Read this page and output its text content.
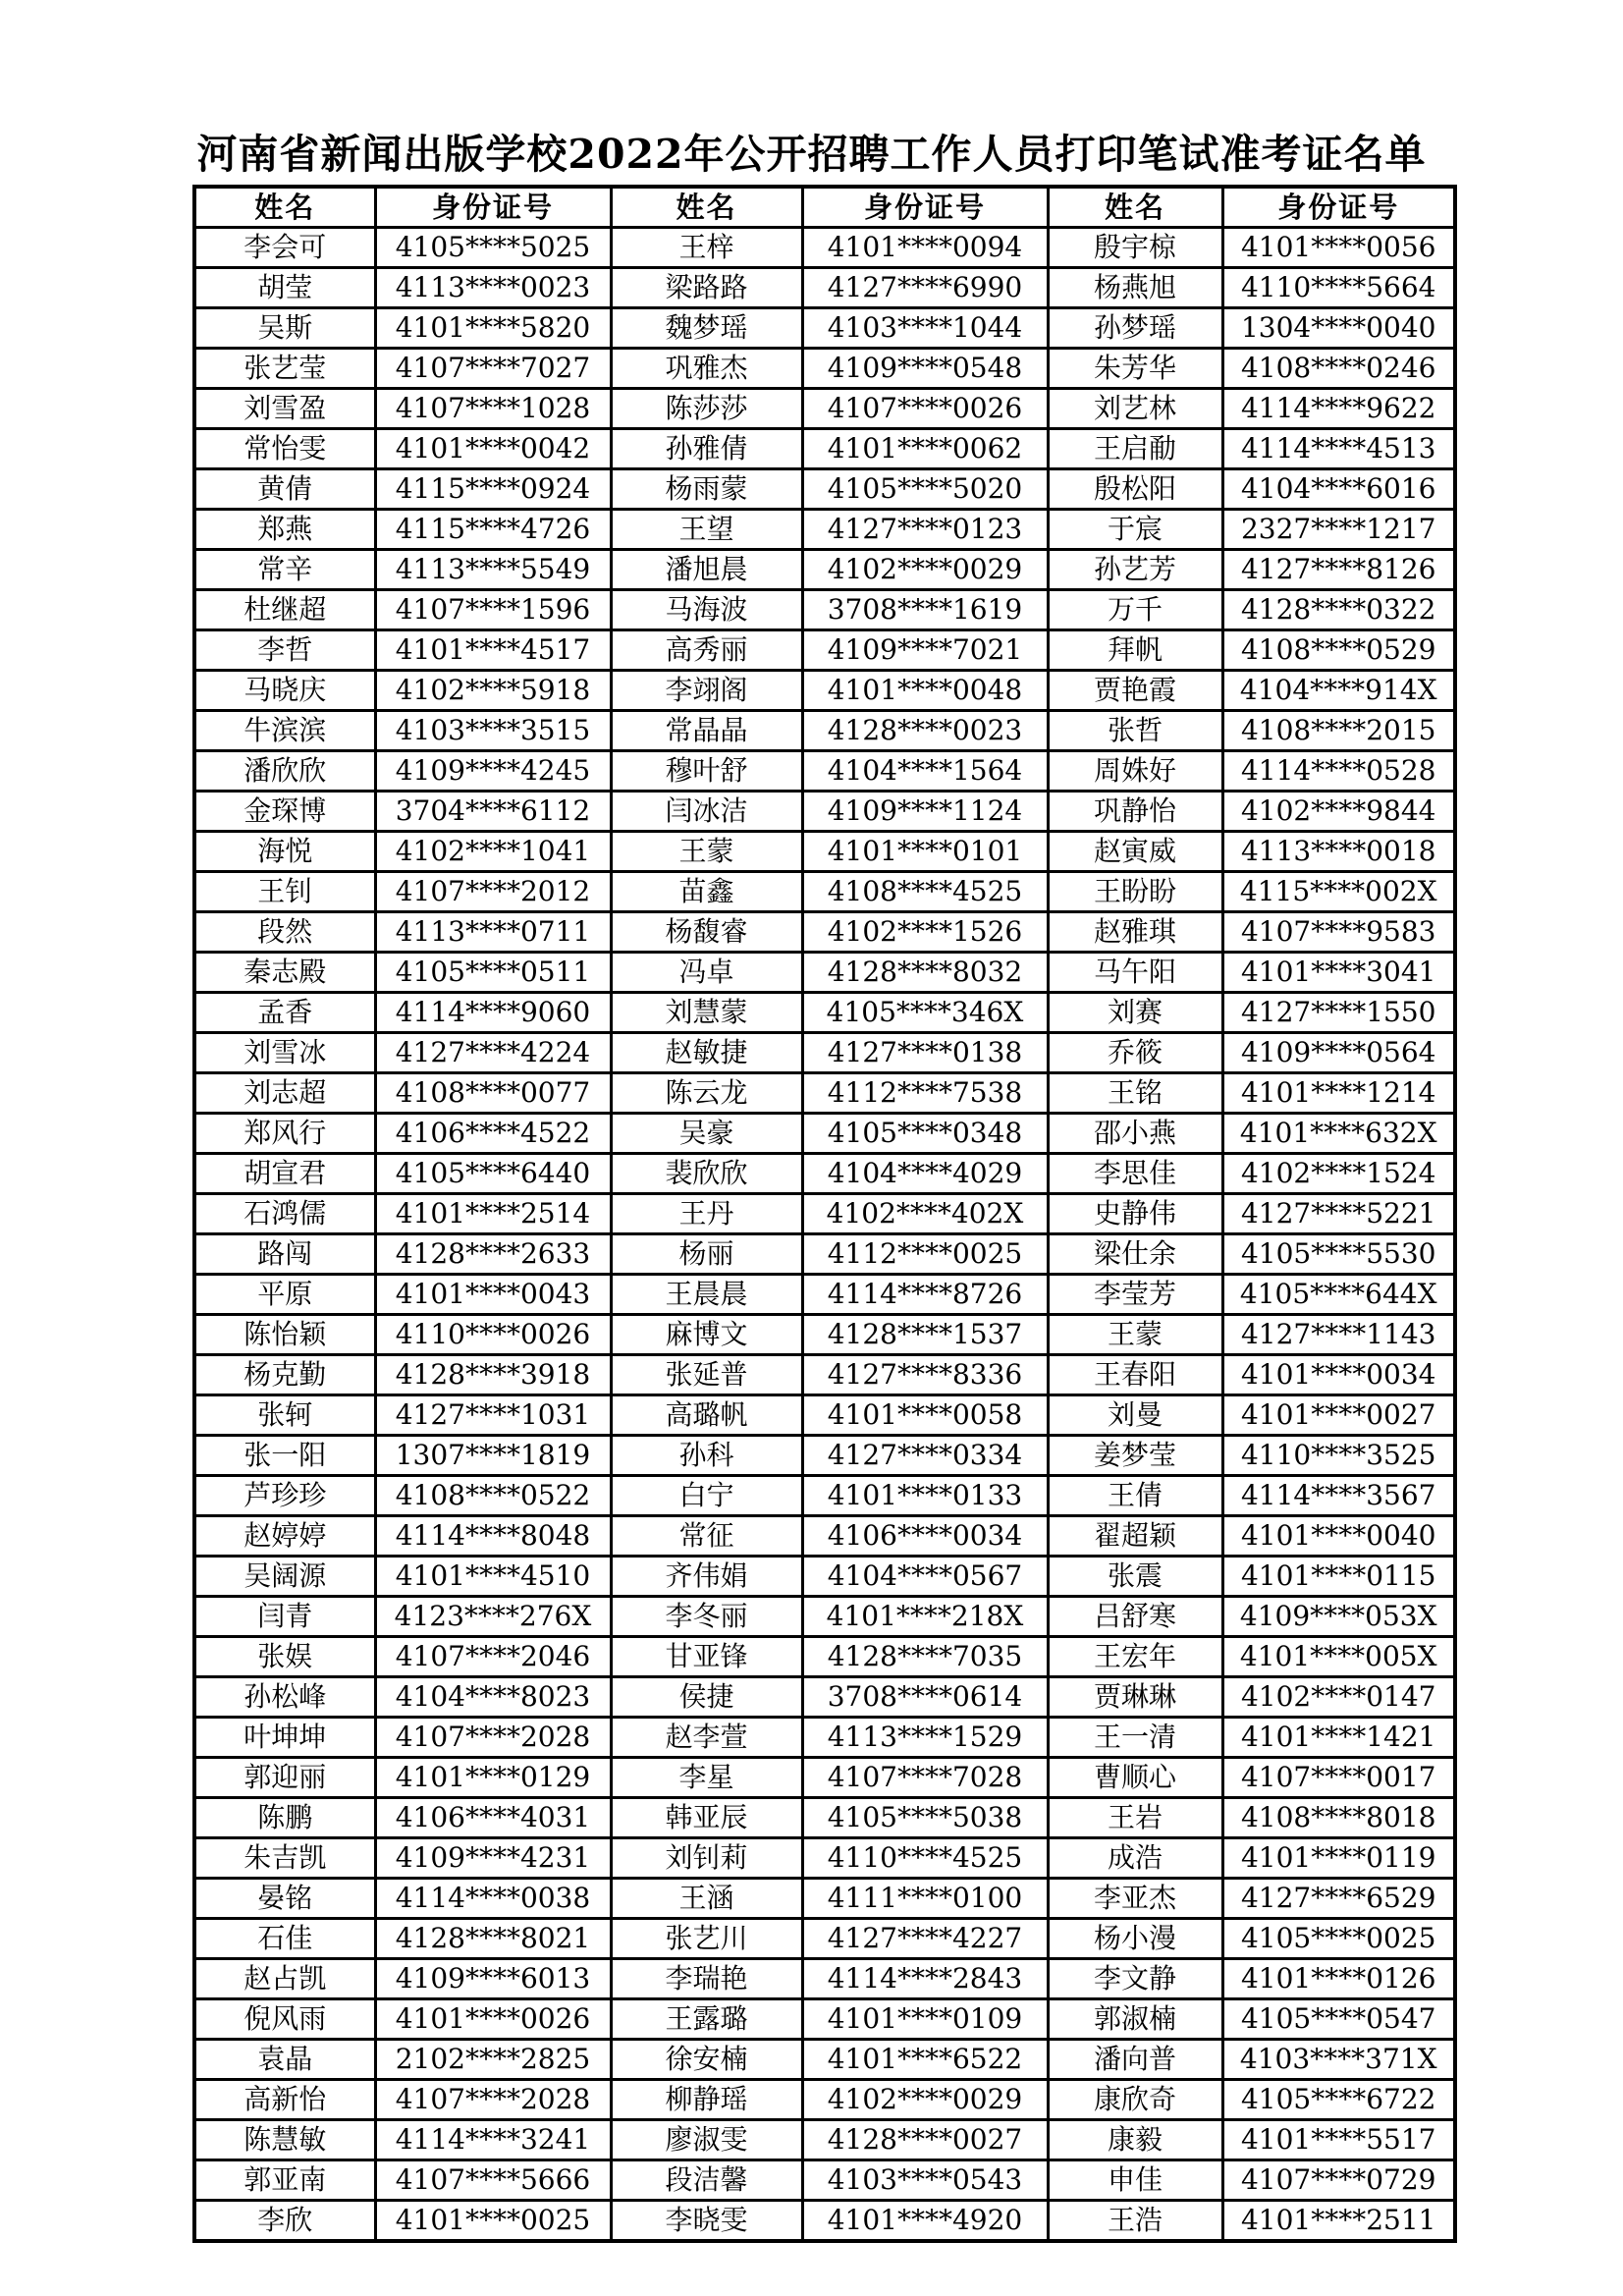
河南省新闻出版学校2022年公开招聘工作人员打印笔试准考证名单
姓名	身份证号	姓名	身份证号	姓名	身份证号
李会可	4105****5025	王梓	4101****0094	殷宇椋	4101****0056
胡莹	4113****0023	梁路路	4127****6990	杨燕旭	4110****5664
吴斯	4101****5820	魏梦瑶	4103****1044	孙梦瑶	1304****0040
张艺莹	4107****7027	巩雅杰	4109****0548	朱芳华	4108****0246
刘雪盈	4107****1028	陈莎莎	4107****0026	刘艺林	4114****9622
常怡雯	4101****0042	孙雅倩	4101****0062	王启勈	4114****4513
黄倩	4115****0924	杨雨蒙	4105****5020	殷松阳	4104****6016
郑燕	4115****4726	王望	4127****0123	于宸	2327****1217
常辛	4113****5549	潘旭晨	4102****0029	孙艺芳	4127****8126
杜继超	4107****1596	马海波	3708****1619	万千	4128****0322
李哲	4101****4517	高秀丽	4109****7021	拜帆	4108****0529
马晓庆	4102****5918	李翊阁	4101****0048	贾艳霞	4104****914X
牛滨滨	4103****3515	常晶晶	4128****0023	张哲	4108****2015
潘欣欣	4109****4245	穆叶舒	4104****1564	周姝好	4114****0528
金琛博	3704****6112	闫冰洁	4109****1124	巩静怡	4102****9844
海悦	4102****1041	王蒙	4101****0101	赵寅威	4113****0018
王钊	4107****2012	苗鑫	4108****4525	王盼盼	4115****002X
段然	4113****0711	杨馥睿	4102****1526	赵雅琪	4107****9583
秦志殿	4105****0511	冯卓	4128****8032	马午阳	4101****3041
孟香	4114****9060	刘慧蒙	4105****346X	刘赛	4127****1550
刘雪冰	4127****4224	赵敏捷	4127****0138	乔筱	4109****0564
刘志超	4108****0077	陈云龙	4112****7538	王铭	4101****1214
郑风行	4106****4522	吴豪	4105****0348	邵小燕	4101****632X
胡宣君	4105****6440	裴欣欣	4104****4029	李思佳	4102****1524
石鸿儒	4101****2514	王丹	4102****402X	史静伟	4127****5221
路闯	4128****2633	杨丽	4112****0025	梁仕余	4105****5530
平原	4101****0043	王晨晨	4114****8726	李莹芳	4105****644X
陈怡颖	4110****0026	麻博文	4128****1537	王蒙	4127****1143
杨克勤	4128****3918	张延普	4127****8336	王春阳	4101****0034
张轲	4127****1031	高璐帆	4101****0058	刘曼	4101****0027
张一阳	1307****1819	孙科	4127****0334	姜梦莹	4110****3525
芦珍珍	4108****0522	白宁	4101****0133	王倩	4114****3567
赵婷婷	4114****8048	常征	4106****0034	翟超颖	4101****0040
吴阔源	4101****4510	齐伟娟	4104****0567	张震	4101****0115
闫青	4123****276X	李冬丽	4101****218X	吕舒寒	4109****053X
张娱	4107****2046	甘亚锋	4128****7035	王宏年	4101****005X
孙松峰	4104****8023	侯捷	3708****0614	贾琳琳	4102****0147
叶坤坤	4107****2028	赵李萱	4113****1529	王一清	4101****1421
郭迎丽	4101****0129	李星	4107****7028	曹顺心	4107****0017
陈鹏	4106****4031	韩亚辰	4105****5038	王岩	4108****8018
朱吉凯	4109****4231	刘钊莉	4110****4525	成浩	4101****0119
晏铭	4114****0038	王涵	4111****0100	李亚杰	4127****6529
石佳	4128****8021	张艺川	4127****4227	杨小漫	4105****0025
赵占凯	4109****6013	李瑞艳	4114****2843	李文静	4101****0126
倪风雨	4101****0026	王露璐	4101****0109	郭淑楠	4105****0547
袁晶	2102****2825	徐安楠	4101****6522	潘向普	4103****371X
高新怡	4107****2028	柳静瑶	4102****0029	康欣奇	4105****6722
陈慧敏	4114****3241	廖淑雯	4128****0027	康毅	4101****5517
郭亚南	4107****5666	段洁馨	4103****0543	申佳	4107****0729
李欣	4101****0025	李晓雯	4101****4920	王浩	4101****2511
